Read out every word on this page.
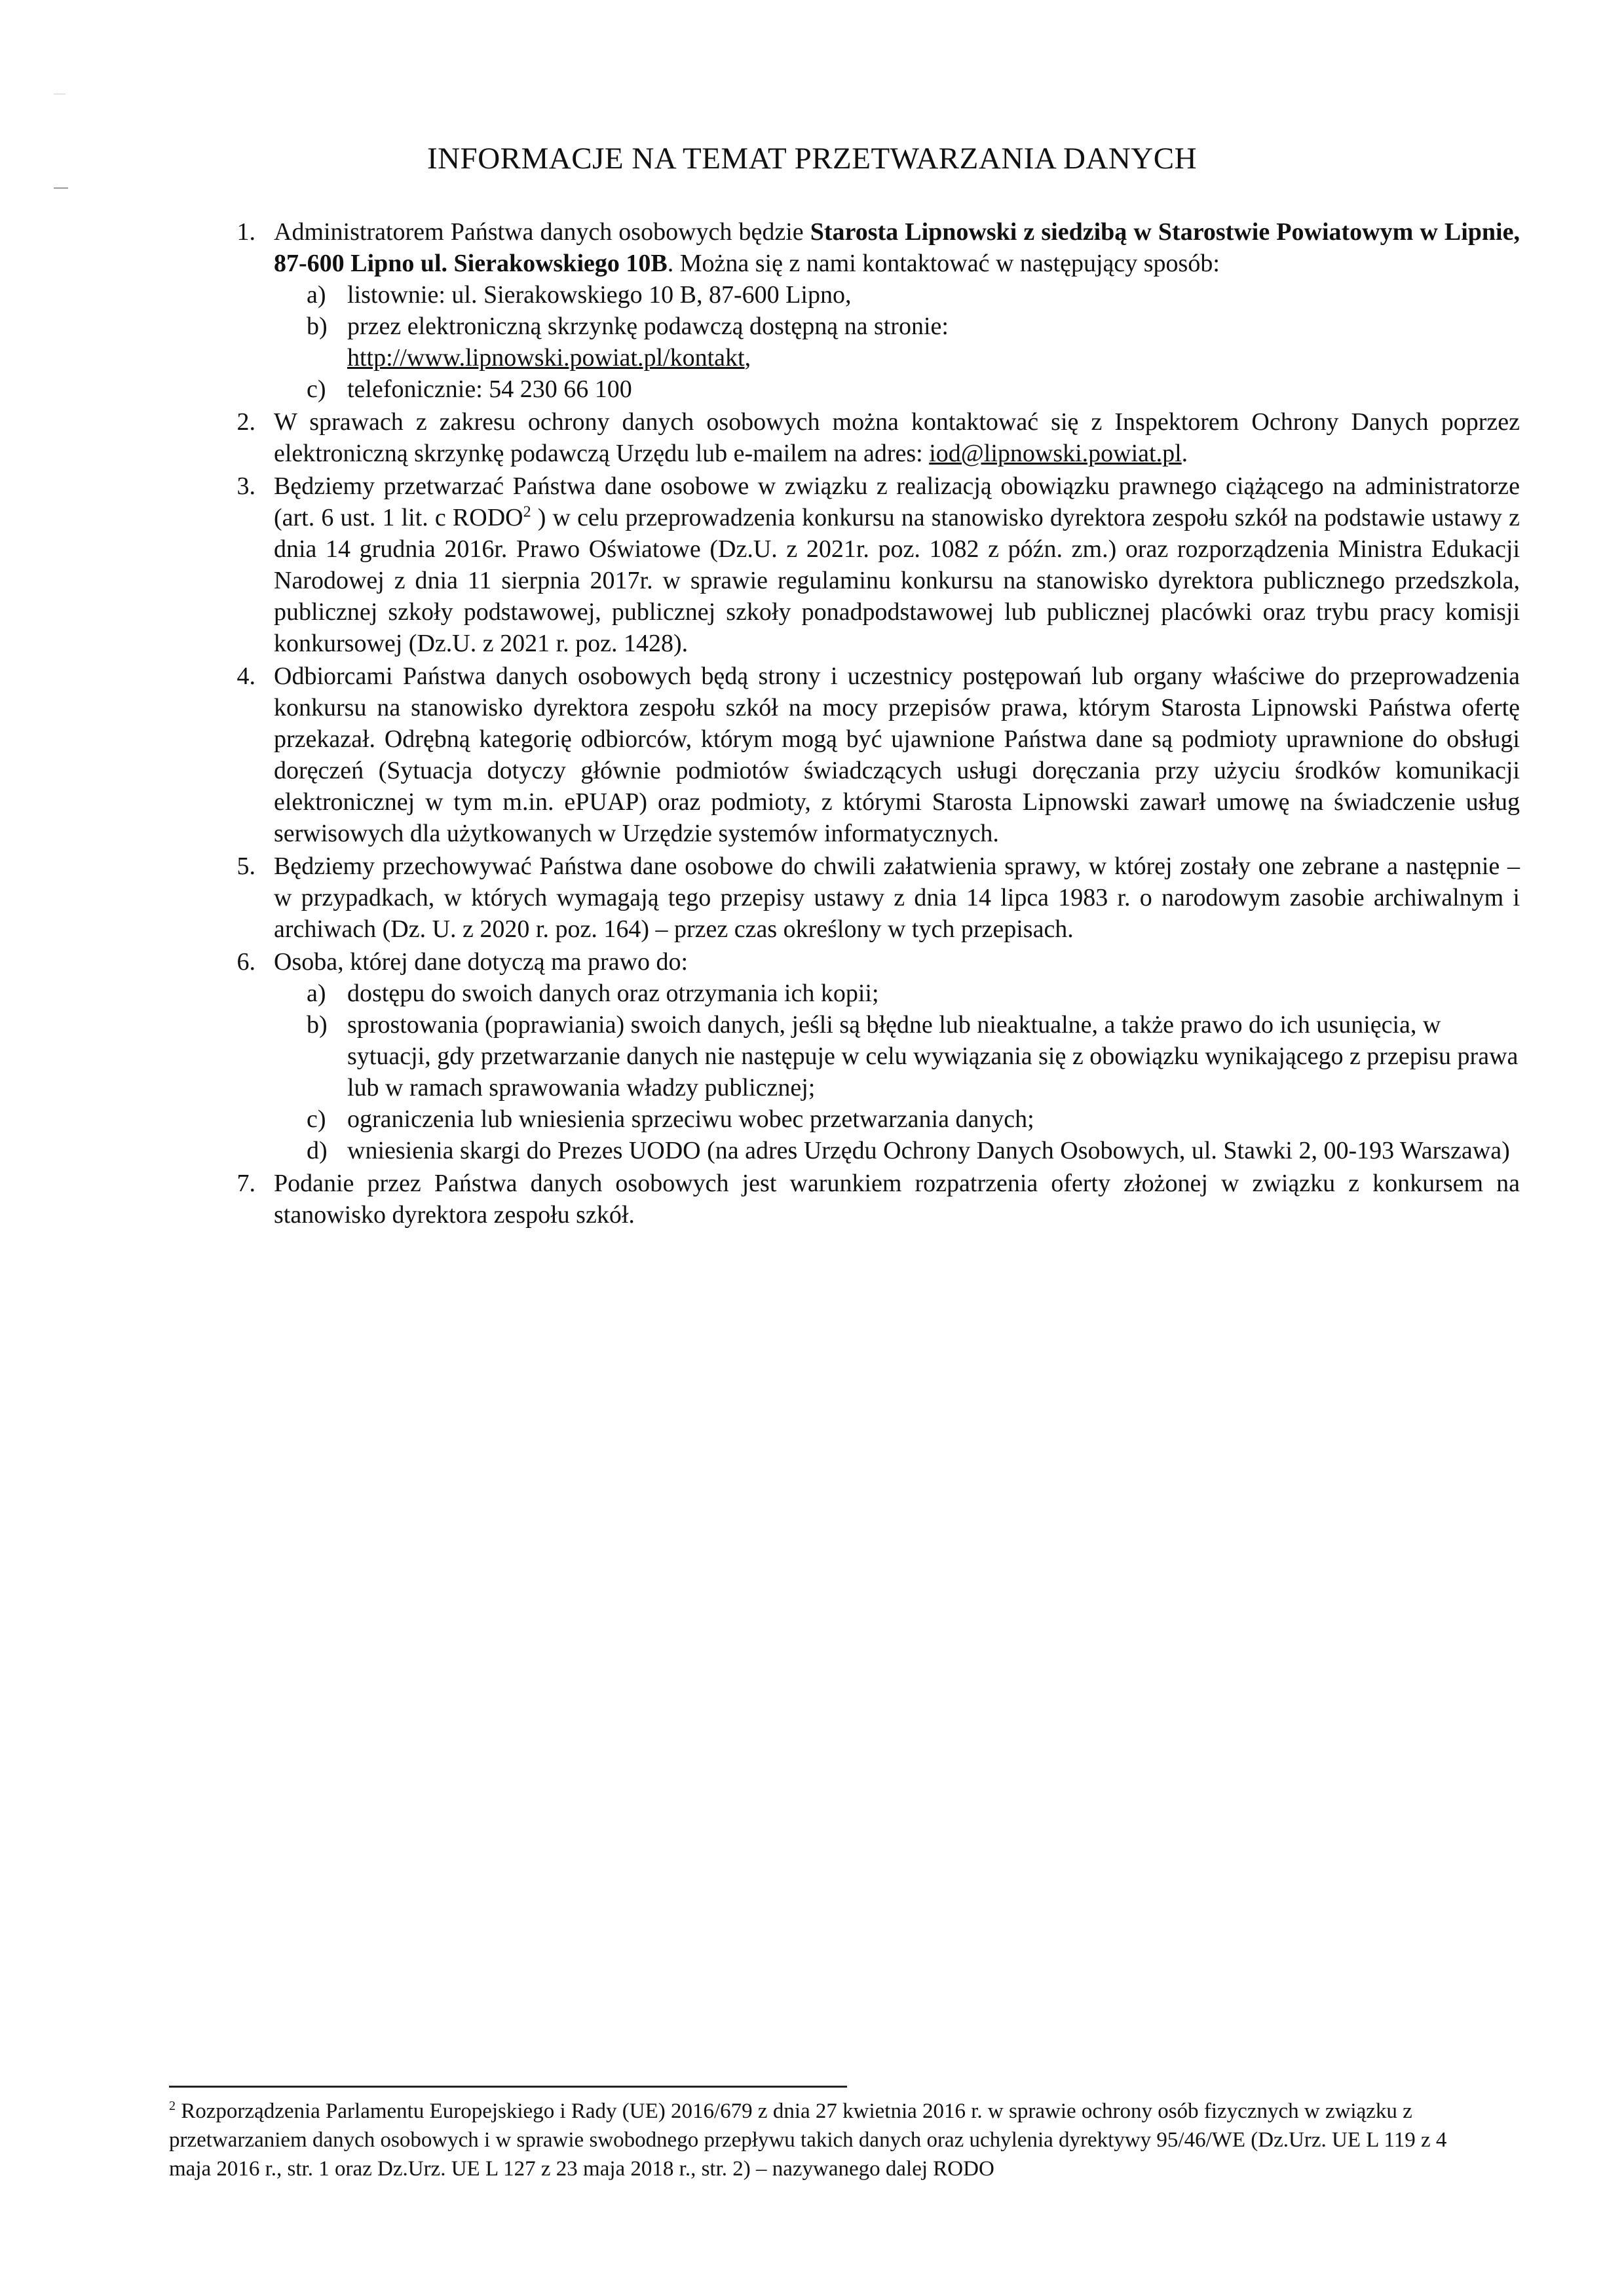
INFORMACJE NA TEMAT PRZETWARZANIA DANYCH
1. Administratorem Państwa danych osobowych będzie Starosta Lipnowski z siedzibą w Starostwie Powiatowym w Lipnie, 87-600 Lipno ul. Sierakowskiego 10B. Można się z nami kontaktować w następujący sposób:
a) listownie: ul. Sierakowskiego 10 B, 87-600 Lipno,
b) przez elektroniczną skrzynkę podawczą dostępną na stronie:
http://www.lipnowski.powiat.pl/kontakt,
c) telefonicznie: 54 230 66 100
2. W sprawach z zakresu ochrony danych osobowych można kontaktować się z Inspektorem Ochrony Danych poprzez elektroniczną skrzynkę podawczą Urzędu lub e-mailem na adres: iod@lipnowski.powiat.pl.
3. Będziemy przetwarzać Państwa dane osobowe w związku z realizacją obowiązku prawnego ciążącego na administratorze (art. 6 ust. 1 lit. c RODO$^2$ ) w celu przeprowadzenia konkursu na stanowisko dyrektora zespołu szkół na podstawie ustawy z dnia 14 grudnia 2016r. Prawo Oświatowe (Dz.U. z 2021r. poz. 1082 z późn. zm.) oraz rozporządzenia Ministra Edukacji Narodowej z dnia 11 sierpnia 2017r. w sprawie regulaminu konkursu na stanowisko dyrektora publicznego przedszkola, publicznej szkoły podstawowej, publicznej szkoły ponadpodstawowej lub publicznej placówki oraz trybu pracy komisji konkursowej (Dz.U. z 2021 r. poz. 1428).
4. Odbiorcami Państwa danych osobowych będą strony i uczestnicy postępowań lub organy właściwe do przeprowadzenia konkursu na stanowisko dyrektora zespołu szkół na mocy przepisów prawa, którym Starosta Lipnowski Państwa ofertę przekazał. Odrębną kategorię odbiorców, którym mogą być ujawnione Państwa dane są podmioty uprawnione do obsługi doręczeń (Sytuacja dotyczy głównie podmiotów świadczących usługi doręczania przy użyciu środków komunikacji elektronicznej w tym m.in. ePUAP) oraz podmioty, z którymi Starosta Lipnowski zawarł umowę na świadczenie usług serwisowych dla użytkowanych w Urzędzie systemów informatycznych.
5. Będziemy przechowywać Państwa dane osobowe do chwili załatwienia sprawy, w której zostały one zebrane a następnie – w przypadkach, w których wymagają tego przepisy ustawy z dnia 14 lipca 1983 r. o narodowym zasobie archiwalnym i archiwach (Dz. U. z 2020 r. poz. 164) – przez czas określony w tych przepisach.
6. Osoba, której dane dotyczą ma prawo do:
a) dostępu do swoich danych oraz otrzymania ich kopii;
b) sprostowania (poprawiania) swoich danych, jeśli są błędne lub nieaktualne, a także prawo do ich usunięcia, w sytuacji, gdy przetwarzanie danych nie następuje w celu wywiązania się z obowiązku wynikającego z przepisu prawa lub w ramach sprawowania władzy publicznej;
c) ograniczenia lub wniesienia sprzeciwu wobec przetwarzania danych;
d) wniesienia skargi do Prezes UODO (na adres Urzędu Ochrony Danych Osobowych, ul. Stawki 2, 00-193 Warszawa)
7. Podanie przez Państwa danych osobowych jest warunkiem rozpatrzenia oferty złożonej w związku z konkursem na stanowisko dyrektora zespołu szkół.
$^2$ Rozporządzenia Parlamentu Europejskiego i Rady (UE) 2016/679 z dnia 27 kwietnia 2016 r. w sprawie ochrony osób fizycznych w związku z przetwarzaniem danych osobowych i w sprawie swobodnego przepływu takich danych oraz uchylenia dyrektywy 95/46/WE (Dz.Urz. UE L 119 z 4 maja 2016 r., str. 1 oraz Dz.Urz. UE L 127 z 23 maja 2018 r., str. 2) – nazywanego dalej RODO
